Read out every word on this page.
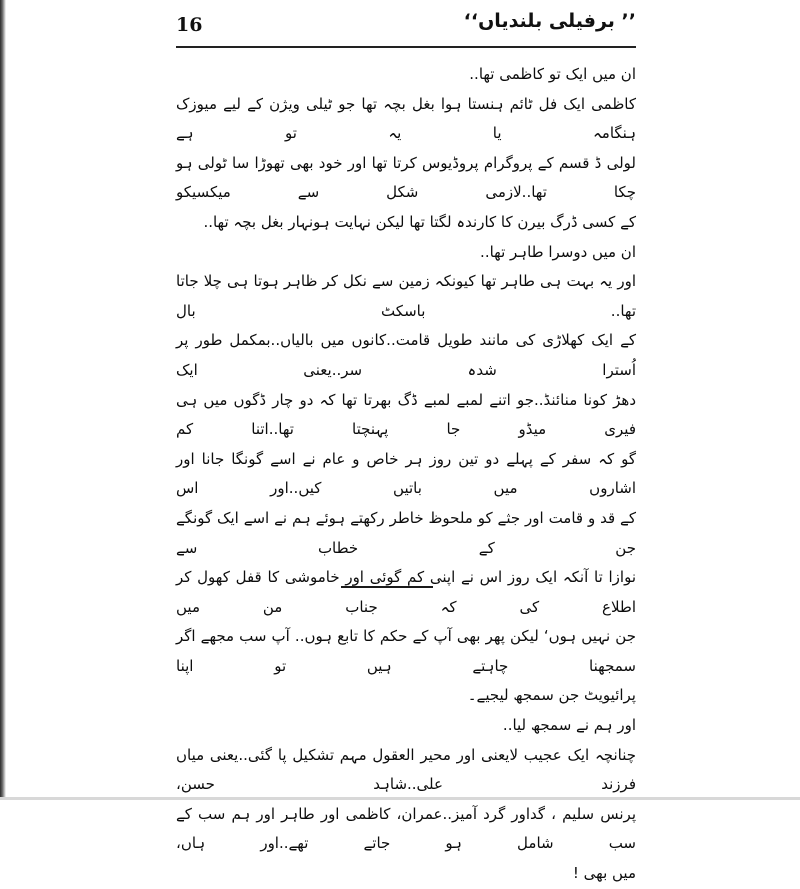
16	’’ برفیلی بلندیاں‘‘

ان میں ایک تو کاظمی تھا..

کاظمی ایک فل ٹائم ہنستا ہوا بغل بچہ تھا جو ٹیلی ویژن کے لیے میوزک ہنگامہ یا یہ تو ہے

لولی ڈ قسم کے پروگرام پروڈیوس کرتا تھا اور خود بھی تھوڑا سا ٹولی ہو چکا تھا..لازمی شکل سے میکسیکو

کے کسی ڈرگ بیرن کا کارندہ لگتا تھا لیکن نہایت ہونہار بغل بچہ تھا..

ان میں دوسرا طاہر تھا..

اور یہ بہت ہی طاہر تھا کیونکہ زمین سے نکل کر ظاہر ہوتا ہی چلا جاتا تھا.. باسکٹ بال

کے ایک کھلاڑی کی مانند طویل قامت..کانوں میں بالیاں..بمکمل طور پر اُسترا شدہ سر..یعنی ایک

دھڑ کونا منائنڈ..جو اتنے لمبے لمبے ڈگ بھرتا تھا کہ دو چار ڈگوں میں ہی فیری میڈو جا پہنچتا تھا..اتنا کم

گو کہ سفر کے پہلے دو تین روز ہر خاص و عام نے اسے گونگا جانا اور اشاروں میں باتیں کیں..اور اس

کے قد و قامت اور جثے کو ملحوظ خاطر رکھتے ہوئے ہم نے اسے ایک گونگے جن کے خطاب سے

نوازا تا آنکہ ایک روز اس نے اپنی کم گوئی اور خاموشی کا قفل کھول کر اطلاع کی کہ جناب من میں

جن نہیں ہوں‘ لیکن پھر بھی آپ کے حکم کا تابع ہوں.. آپ سب مجھے اگر سمجھنا چاہتے ہیں تو اپنا

پرائیویٹ جن سمجھ لیجیے۔

اور ہم نے سمجھ لیا..

چنانچہ ایک عجیب لایعنی اور محیر العقول مہم تشکیل پا گئی..یعنی میاں فرزند علی..شاہد حسن،

پرنس سلیم ، گداور گرد آمیز..عمران، کاظمی اور طاہر اور ہم سب کے سب شامل ہو جاتے تھے..اور ہاں،

میں بھی !
